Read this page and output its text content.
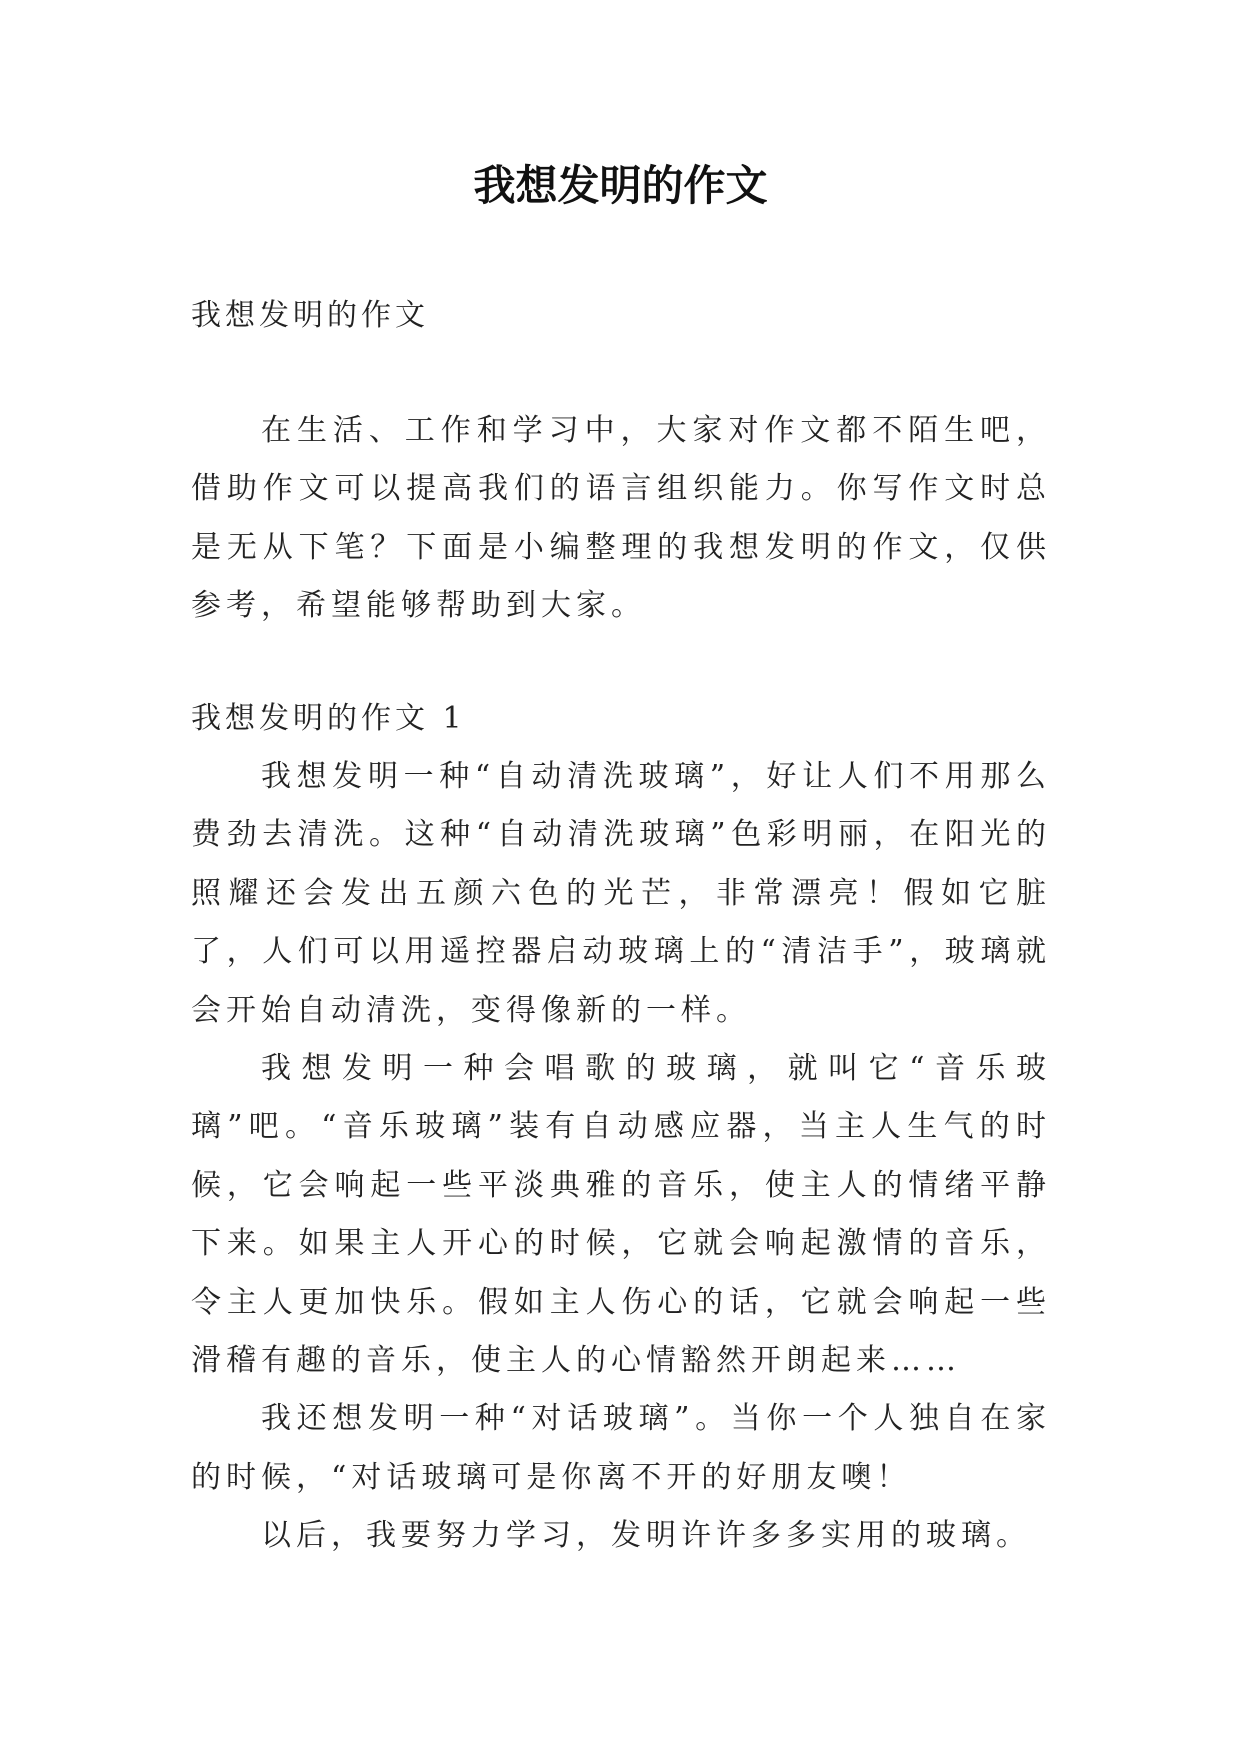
我想发明的作文
我想发明的作文

在生活、工作和学习中，大家对作文都不陌生吧，借助作文可以提高我们的语言组织能力。你写作文时总是无从下笔？下面是小编整理的我想发明的作文，仅供参考，希望能够帮助到大家。

我想发明的作文 1

我想发明一种“自动清洗玻璃”，好让人们不用那么费劲去清洗。这种“自动清洗玻璃”色彩明丽，在阳光的照耀还会发出五颜六色的光芒，非常漂亮！假如它脏了，人们可以用遥控器启动玻璃上的“清洁手”，玻璃就会开始自动清洗，变得像新的一样。

我想发明一种会唱歌的玻璃，就叫它“音乐玻璃”吧。“音乐玻璃”装有自动感应器，当主人生气的时候，它会响起一些平淡典雅的音乐，使主人的情绪平静下来。如果主人开心的时候，它就会响起激情的音乐，令主人更加快乐。假如主人伤心的话，它就会响起一些滑稽有趣的音乐，使主人的心情豁然开朗起来……

我还想发明一种“对话玻璃”。当你一个人独自在家的时候，“对话玻璃可是你离不开的好朋友噢！

以后，我要努力学习，发明许许多多实用的玻璃。
